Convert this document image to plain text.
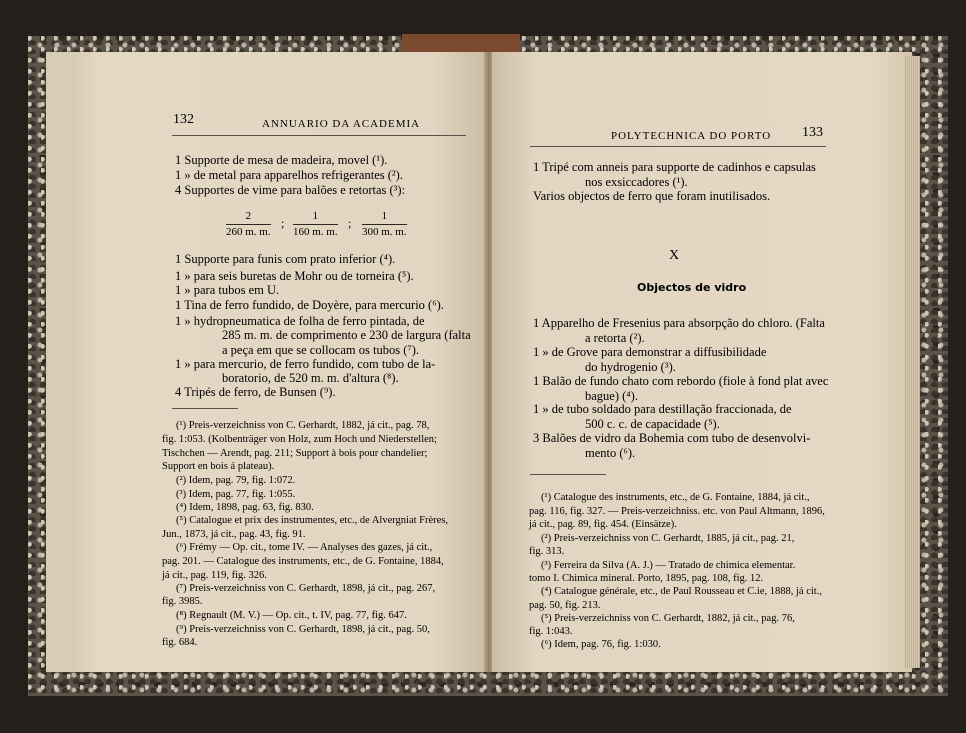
132	ANNUARIO DA ACADEMIA
1 Supporte de mesa de madeira, movel (¹).
1 » de metal para apparelhos refrigerantes (²).
4 Supportes de vime para balões e retortas (³):
$\frac{2}{260 m. m.}$ ; $\frac{1}{160 m. m.}$ ; $\frac{1}{300 m. m.}$
1 Supporte para funis com prato inferior (⁴).
1 » para seis buretas de Mohr ou de torneira (⁵).
1 » para tubos em U.
1 Tina de ferro fundido, de Doyère, para mercurio (⁶).
1 » hydropneumatica de folha de ferro pintada, de
285 m. m. de comprimento e 230 de largura (falta
a peça em que se collocam os tubos (⁷).
1 » para mercurio, de ferro fundido, com tubo de la-
boratorio, de 520 m. m. d'altura (⁸).
4 Tripés de ferro, de Bunsen (⁹).
(¹) Preis-verzeichniss von C. Gerhardt, 1882, já cit., pag. 78,
fig. 1:053. (Kolbenträger von Holz, zum Hoch und Niederstellen;
Tischchen — Arendt, pag. 211; Support à bois pour chandelier;
Support en bois á plateau).
(²) Idem, pag. 79, fig. 1:072.
(³) Idem, pag. 77, fig. 1:055.
(⁴) Idem, 1898, pag. 63, fig. 830.
(⁵) Catalogue et prix des instrumentes, etc., de Alvergniat Frères,
Jun., 1873, já cit., pag. 43, fig. 91.
(⁶) Frémy — Op. cit., tome IV. — Analyses des gazes, já cit.,
pag. 201. — Catalogue des instruments, etc., de G. Fontaine, 1884,
já cit., pag. 119, fig. 326.
(⁷) Preis-verzeichniss von C. Gerhardt, 1898, já cit., pag. 267,
fig. 3985.
(⁸) Regnault (M. V.) — Op. cit., t. IV, pag. 77, fig. 647.
(⁹) Preis-verzeichniss von C. Gerhardt, 1898, já cit., pag. 50,
fig. 684.
POLYTECHNICA DO PORTO 133
1 Tripé com anneis para supporte de cadinhos e capsulas
nos exsiccadores (¹).
Varios objectos de ferro que foram inutilisados.
X
Objectos de vidro
1 Apparelho de Fresenius para absorpção do chloro. (Falta
a retorta (²).
1 » de Grove para demonstrar a diffusibilidade
do hydrogenio (³).
1 Balão de fundo chato com rebordo (fiole à fond plat avec
bague) (⁴).
1 » de tubo soldado para destillação fraccionada, de
500 c. c. de capacidade (⁵).
3 Balões de vidro da Bohemia com tubo de desenvolvi-
mento (⁶).
(¹) Catalogue des instruments, etc., de G. Fontaine, 1884, já cit.,
pag. 116, fig. 327. — Preis-verzeichniss. etc. von Paul Altmann, 1896,
já cit., pag. 89, fig. 454. (Einsätze).
(²) Preis-verzeichniss von C. Gerhardt, 1885, já cit., pag. 21,
fig. 313.
(³) Ferreira da Silva (A. J.) — Tratado de chimica elementar.
tomo I. Chimica mineral. Porto, 1895, pag. 108, fig. 12.
(⁴) Catalogue générale, etc., de Paul Rousseau et C.ie, 1888, já cit.,
pag. 50, fig. 213.
(⁵) Preis-verzeichniss von C. Gerhardt, 1882, já cit., pag. 76,
fig. 1:043.
(⁶) Idem, pag. 76, fig. 1:030.
